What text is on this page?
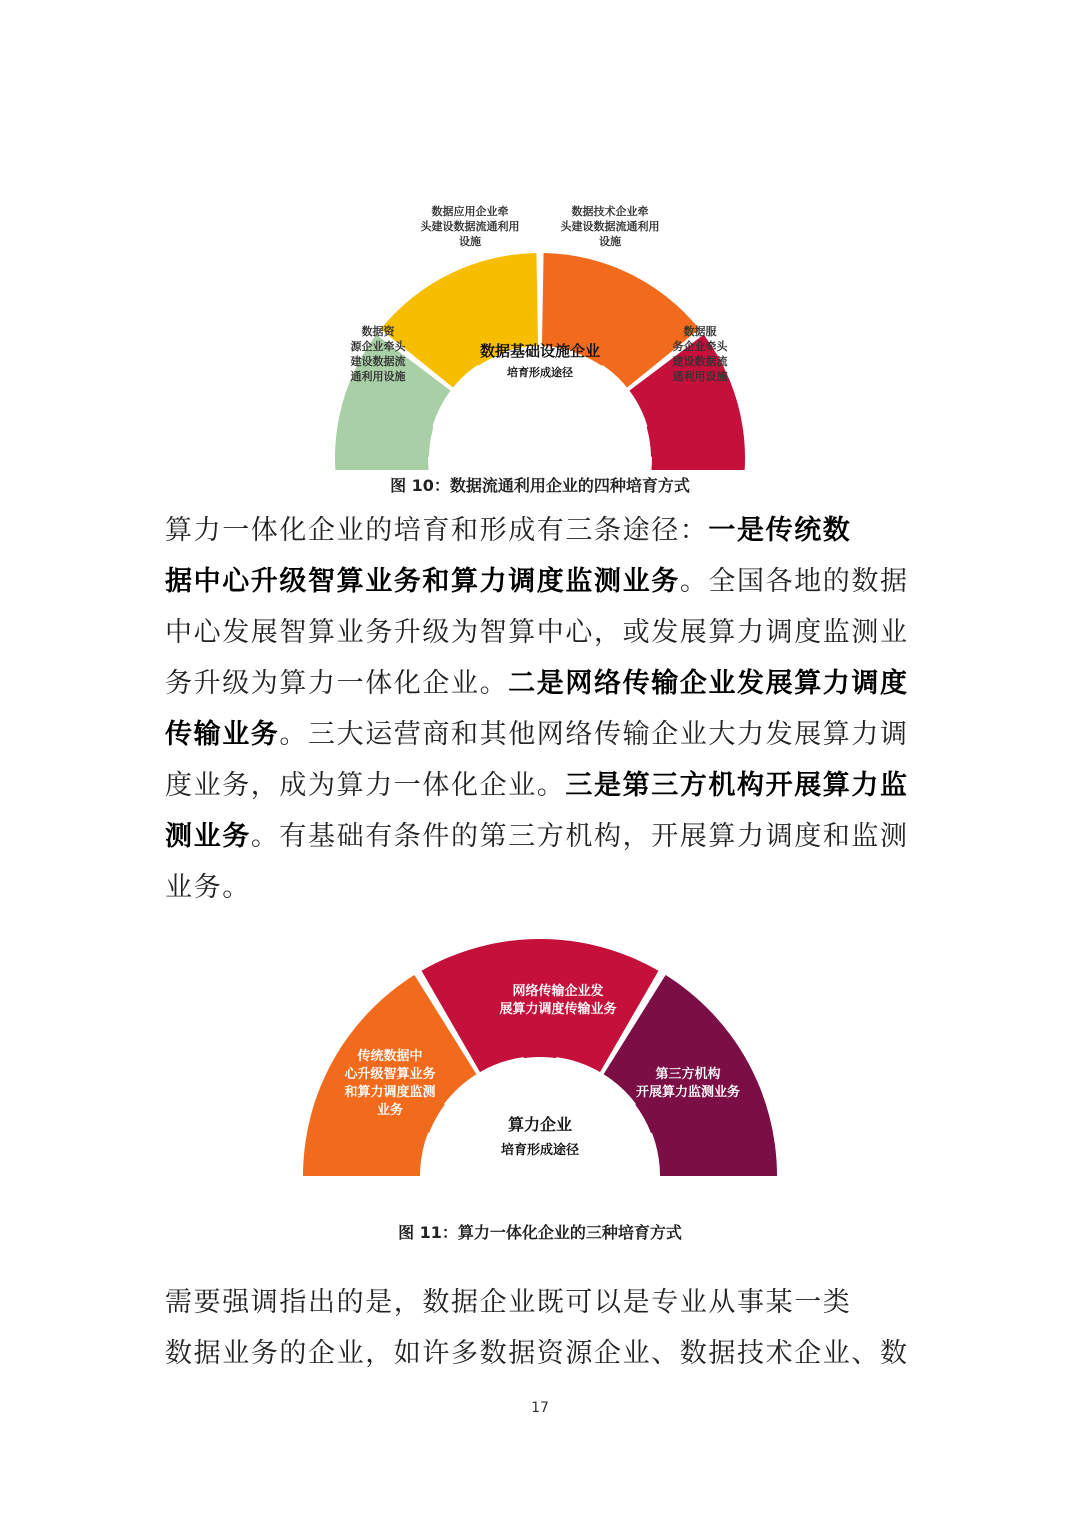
数据资
源企业牵头
建设数据流
通利用设施
数据应用企业牵
头建设数据流通利用
设施
数据技术企业牵
头建设数据流通利用
设施
数据服
务企业牵头
建设数据流
通利用设施
数据基础设施企业
培育形成途径
图 10：数据流通利用企业的四种培育方式
算力一体化企业的培育和形成有三条途径：一是传统数
据中心升级智算业务和算力调度监测业务。全国各地的数据
中心发展智算业务升级为智算中心，或发展算力调度监测业
务升级为算力一体化企业。二是网络传输企业发展算力调度
传输业务。三大运营商和其他网络传输企业大力发展算力调
度业务，成为算力一体化企业。三是第三方机构开展算力监
测业务。有基础有条件的第三方机构，开展算力调度和监测
业务。
传统数据中
心升级智算业务
和算力调度监测
业务
网络传输企业发
展算力调度传输业务
第三方机构
开展算力监测业务
算力企业
培育形成途径
图 11：算力一体化企业的三种培育方式
需要强调指出的是，数据企业既可以是专业从事某一类
数据业务的企业，如许多数据资源企业、数据技术企业、数
17
